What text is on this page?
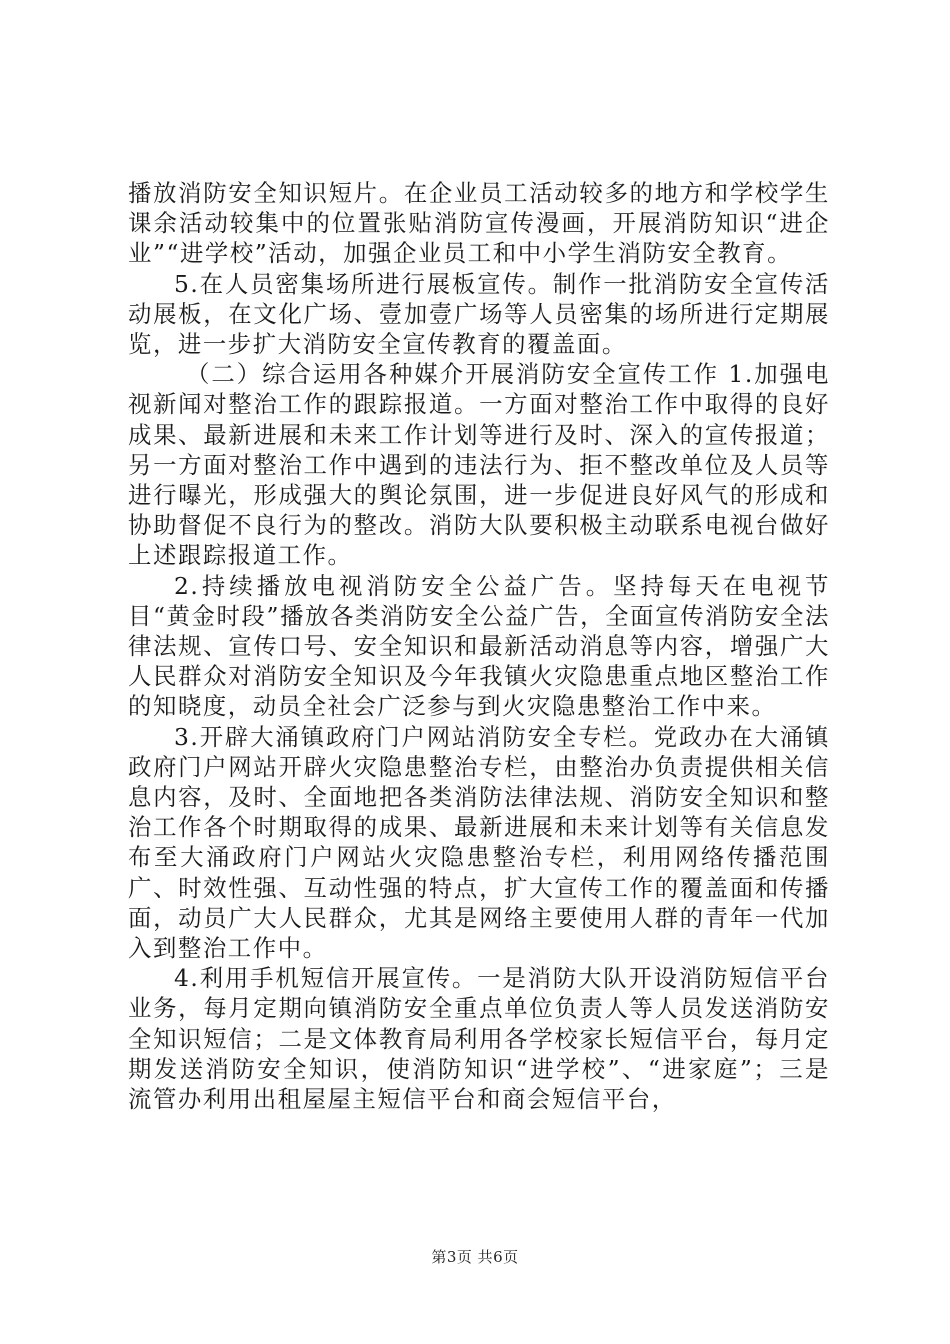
播放消防安全知识短片。在企业员工活动较多的地方和学校学生课余活动较集中的位置张贴消防宣传漫画，开展消防知识“进企业”“进学校”活动，加强企业员工和中小学生消防安全教育。

5.在人员密集场所进行展板宣传。制作一批消防安全宣传活动展板，在文化广场、壹加壹广场等人员密集的场所进行定期展览，进一步扩大消防安全宣传教育的覆盖面。

（二）综合运用各种媒介开展消防安全宣传工作 1.加强电视新闻对整治工作的跟踪报道。一方面对整治工作中取得的良好成果、最新进展和未来工作计划等进行及时、深入的宣传报道；另一方面对整治工作中遇到的违法行为、拒不整改单位及人员等进行曝光，形成强大的舆论氛围，进一步促进良好风气的形成和协助督促不良行为的整改。消防大队要积极主动联系电视台做好上述跟踪报道工作。

2.持续播放电视消防安全公益广告。坚持每天在电视节目“黄金时段”播放各类消防安全公益广告，全面宣传消防安全法律法规、宣传口号、安全知识和最新活动消息等内容，增强广大人民群众对消防安全知识及今年我镇火灾隐患重点地区整治工作的知晓度，动员全社会广泛参与到火灾隐患整治工作中来。

3.开辟大涌镇政府门户网站消防安全专栏。党政办在大涌镇政府门户网站开辟火灾隐患整治专栏，由整治办负责提供相关信息内容，及时、全面地把各类消防法律法规、消防安全知识和整治工作各个时期取得的成果、最新进展和未来计划等有关信息发布至大涌政府门户网站火灾隐患整治专栏，利用网络传播范围广、时效性强、互动性强的特点，扩大宣传工作的覆盖面和传播面，动员广大人民群众，尤其是网络主要使用人群的青年一代加入到整治工作中。

4.利用手机短信开展宣传。一是消防大队开设消防短信平台业务，每月定期向镇消防安全重点单位负责人等人员发送消防安全知识短信；二是文体教育局利用各学校家长短信平台，每月定期发送消防安全知识，使消防知识“进学校”、“进家庭”；三是流管办利用出租屋屋主短信平台和商会短信平台，

第3页 共6页
